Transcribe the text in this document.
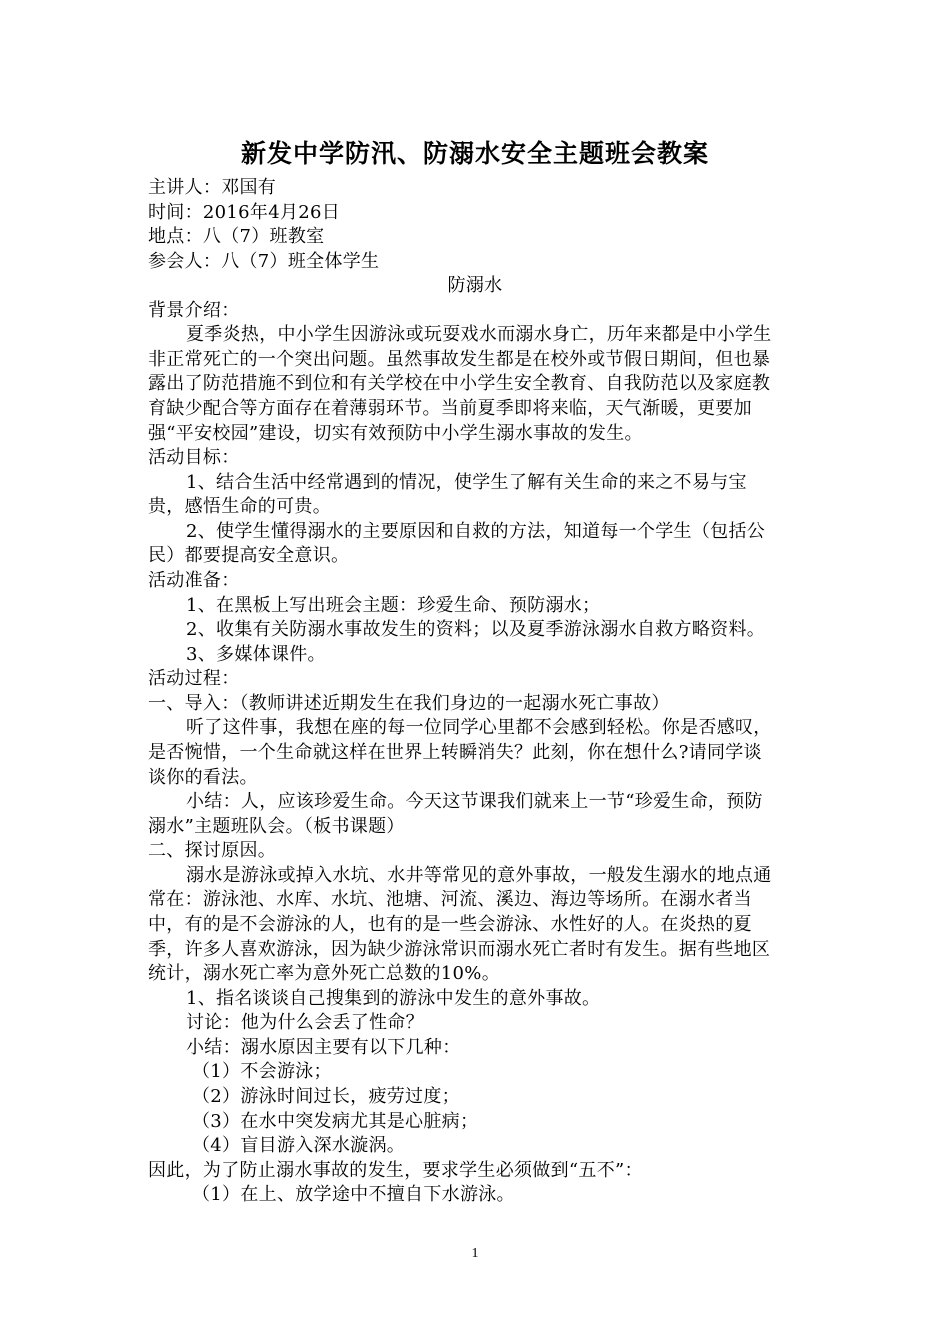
新发中学防汛、防溺水安全主题班会教案
主讲人：邓国有
时间：2016年4月26日
地点：八（7）班教室
参会人：八（7）班全体学生
防溺水
背景介绍：
夏季炎热，中小学生因游泳或玩耍戏水而溺水身亡，历年来都是中小学生
非正常死亡的一个突出问题。虽然事故发生都是在校外或节假日期间，但也暴
露出了防范措施不到位和有关学校在中小学生安全教育、自我防范以及家庭教
育缺少配合等方面存在着薄弱环节。当前夏季即将来临，天气渐暖，更要加
强“平安校园”建设，切实有效预防中小学生溺水事故的发生。
活动目标：
1、结合生活中经常遇到的情况，使学生了解有关生命的来之不易与宝
贵，感悟生命的可贵。
2、使学生懂得溺水的主要原因和自救的方法，知道每一个学生（包括公
民）都要提高安全意识。
活动准备：
1、在黑板上写出班会主题：珍爱生命、预防溺水；
2、收集有关防溺水事故发生的资料；以及夏季游泳溺水自救方略资料。
3、多媒体课件。
活动过程：
一、导入：（教师讲述近期发生在我们身边的一起溺水死亡事故）
听了这件事，我想在座的每一位同学心里都不会感到轻松。你是否感叹，
是否惋惜，一个生命就这样在世界上转瞬消失？此刻，你在想什么?请同学谈
谈你的看法。
小结：人，应该珍爱生命。今天这节课我们就来上一节“珍爱生命，预防
溺水”主题班队会。（板书课题）
二、探讨原因。
溺水是游泳或掉入水坑、水井等常见的意外事故，一般发生溺水的地点通
常在：游泳池、水库、水坑、池塘、河流、溪边、海边等场所。在溺水者当
中，有的是不会游泳的人，也有的是一些会游泳、水性好的人。在炎热的夏
季，许多人喜欢游泳，因为缺少游泳常识而溺水死亡者时有发生。据有些地区
统计，溺水死亡率为意外死亡总数的10%。
1、指名谈谈自己搜集到的游泳中发生的意外事故。
讨论：他为什么会丢了性命？
小结：溺水原因主要有以下几种：
（1）不会游泳；
（2）游泳时间过长，疲劳过度；
（3）在水中突发病尤其是心脏病；
（4）盲目游入深水漩涡。
因此，为了防止溺水事故的发生，要求学生必须做到“五不”：
（1）在上、放学途中不擅自下水游泳。
1
